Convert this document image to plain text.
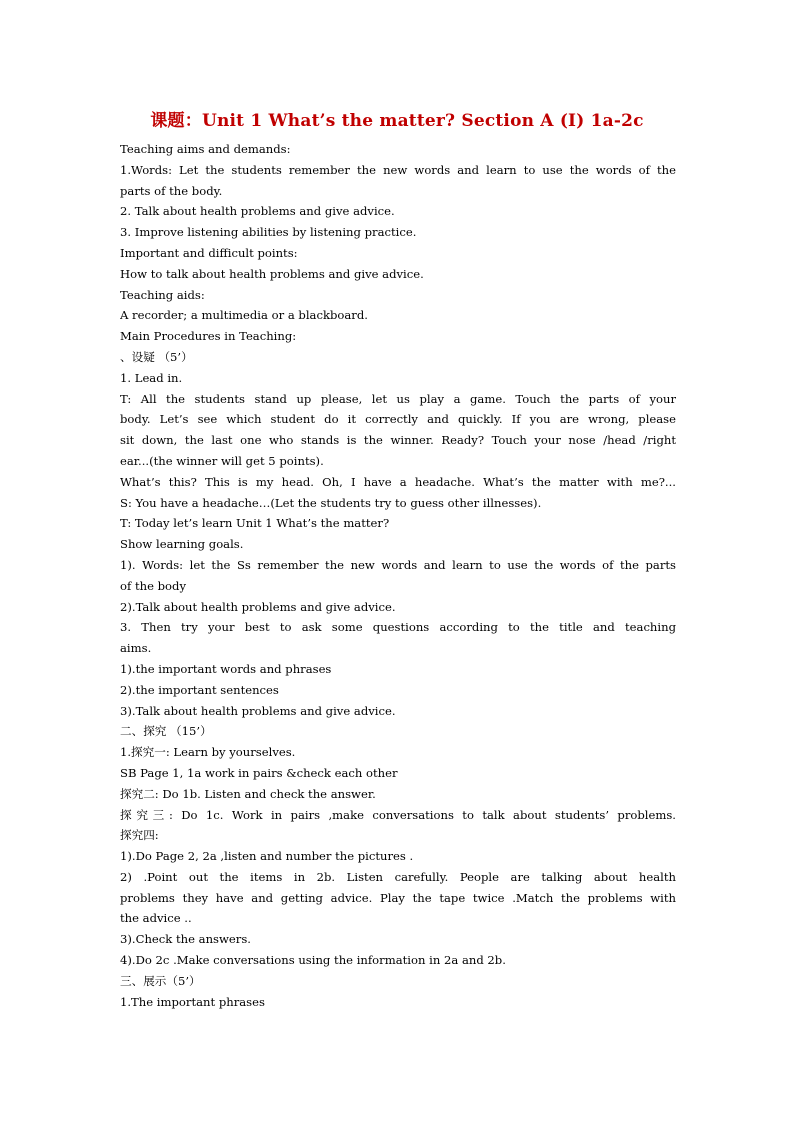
课题：Unit 1 What’s the matter? Section A (Ⅰ) 1a-2c
Teaching aims and demands:
1.Words: Let the students remember the new words and learn to use the words of the
parts of the body.
2. Talk about health problems and give advice.
3. Improve listening abilities by listening practice.
Important and difficult points:
How to talk about health problems and give advice.
Teaching aids:
A recorder; a multimedia or a blackboard.
Main Procedures in Teaching:
、设疑 （5’）
1. Lead in.
T: All the students stand up please, let us play a game. Touch the parts of your
body. Let’s see which student do it correctly and quickly. If you are wrong, please
sit down, the last one who stands is the winner. Ready? Touch your nose /head /right
ear...(the winner will get 5 points).
What’s this? This is my head. Oh, I have a headache. What’s the matter with me?...
S: You have a headache…(Let the students try to guess other illnesses).
T: Today let’s learn Unit 1 What’s the matter?
Show learning goals.
1). Words: let the Ss remember the new words and learn to use the words of the parts
of the body
2).Talk about health problems and give advice.
3. Then try your best to ask some questions according to the title and teaching
aims.
1).the important words and phrases
2).the important sentences
3).Talk about health problems and give advice.
二、探究 （15’）
1.探究一: Learn by yourselves.
SB Page 1, 1a work in pairs &check each other
探究二: Do 1b. Listen and check the answer.
探究三: Do 1c. Work in pairs ,make conversations to talk about students’ problems.
探究四:
1).Do Page 2, 2a ,listen and number the pictures .
2) .Point out the items in 2b. Listen carefully. People are talking about health
problems they have and getting advice. Play the tape twice .Match the problems with
the advice ..
3).Check the answers.
4).Do 2c .Make conversations using the information in 2a and 2b.
三、展示（5’）
1.The important phrases
